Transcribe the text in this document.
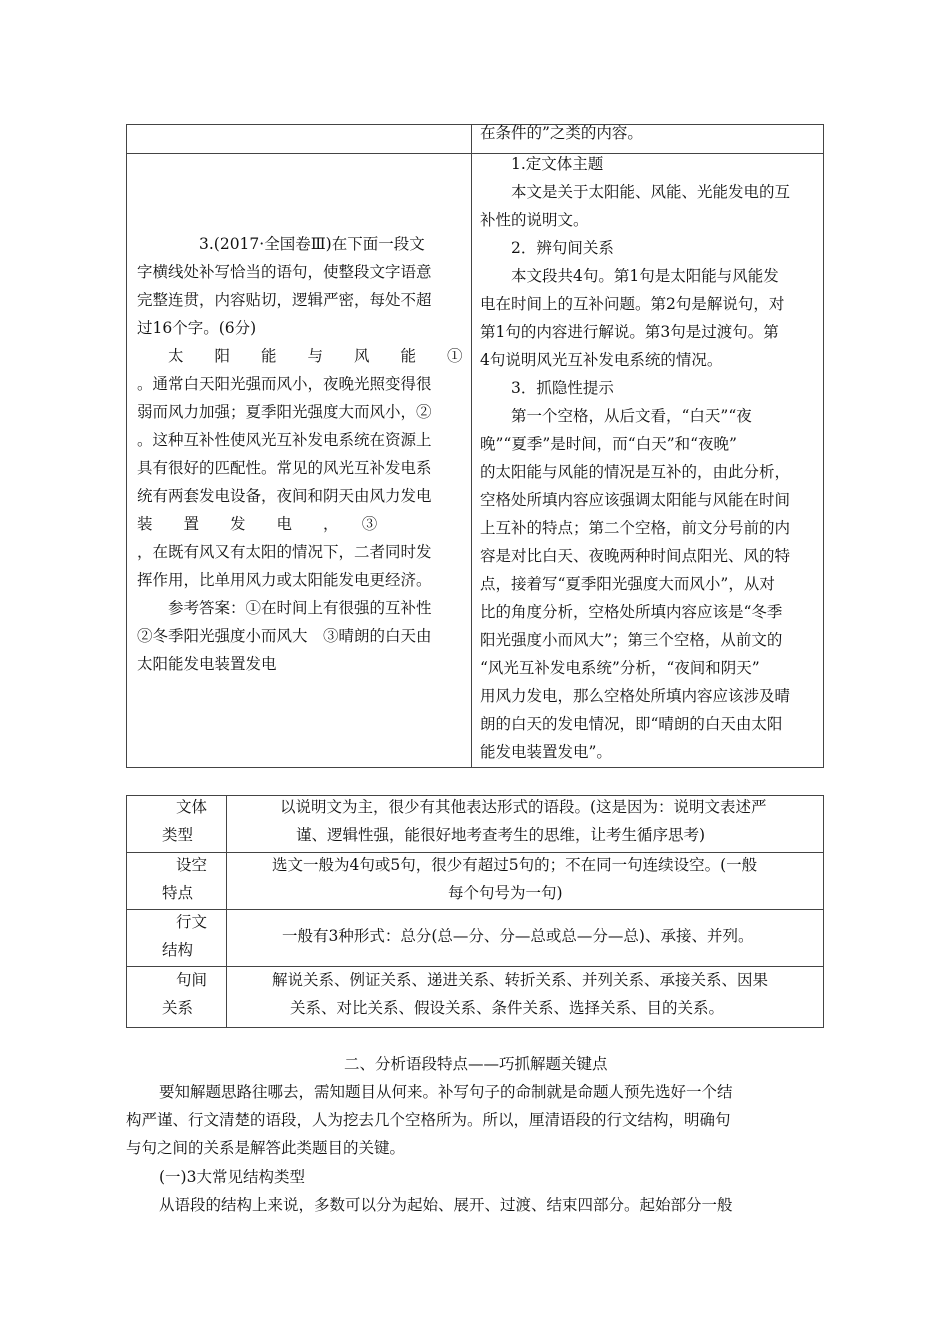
在条件的”之类的内容。
3.(2017·全国卷Ⅲ)在下面一段文
字横线处补写恰当的语句，使整段文字语意
完整连贯，内容贴切，逻辑严密，每处不超
过16个字。(6分)
太　　阳　　能　　与　　风　　能　　①
。通常白天阳光强而风小，夜晚光照变得很
弱而风力加强；夏季阳光强度大而风小，②
。这种互补性使风光互补发电系统在资源上
具有很好的匹配性。常见的风光互补发电系
统有两套发电设备，夜间和阴天由风力发电
装　　置　　发　　电　　，　　③
，在既有风又有太阳的情况下，二者同时发
挥作用，比单用风力或太阳能发电更经济。
参考答案：①在时间上有很强的互补性
②冬季阳光强度小而风大　③晴朗的白天由
太阳能发电装置发电
1.定文体主题
本文是关于太阳能、风能、光能发电的互
补性的说明文。
2．辨句间关系
本文段共4句。第1句是太阳能与风能发
电在时间上的互补问题。第2句是解说句，对
第1句的内容进行解说。第3句是过渡句。第
4句说明风光互补发电系统的情况。
3．抓隐性提示
第一个空格，从后文看，“白天”“夜
晚”“夏季”是时间，而“白天”和“夜晚”
的太阳能与风能的情况是互补的，由此分析，
空格处所填内容应该强调太阳能与风能在时间
上互补的特点；第二个空格，前文分号前的内
容是对比白天、夜晚两种时间点阳光、风的特
点，接着写“夏季阳光强度大而风小”，从对
比的角度分析，空格处所填内容应该是“冬季
阳光强度小而风大”；第三个空格，从前文的
“风光互补发电系统”分析，“夜间和阴天”
用风力发电，那么空格处所填内容应该涉及晴
朗的白天的发电情况，即“晴朗的白天由太阳
能发电装置发电”。
文体
类型
以说明文为主，很少有其他表达形式的语段。(这是因为：说明文表述严
谨、逻辑性强，能很好地考查考生的思维，让考生循序思考)
设空
特点
选文一般为4句或5句，很少有超过5句的；不在同一句连续设空。(一般
每个句号为一句)
行文
结构
一般有3种形式：总分(总—分、分—总或总—分—总)、承接、并列。
句间
关系
解说关系、例证关系、递进关系、转折关系、并列关系、承接关系、因果
关系、对比关系、假设关系、条件关系、选择关系、目的关系。
二、分析语段特点——巧抓解题关键点
要知解题思路往哪去，需知题目从何来。补写句子的命制就是命题人预先选好一个结
构严谨、行文清楚的语段，人为挖去几个空格所为。所以，厘清语段的行文结构，明确句
与句之间的关系是解答此类题目的关键。
(一)3大常见结构类型
从语段的结构上来说，多数可以分为起始、展开、过渡、结束四部分。起始部分一般
